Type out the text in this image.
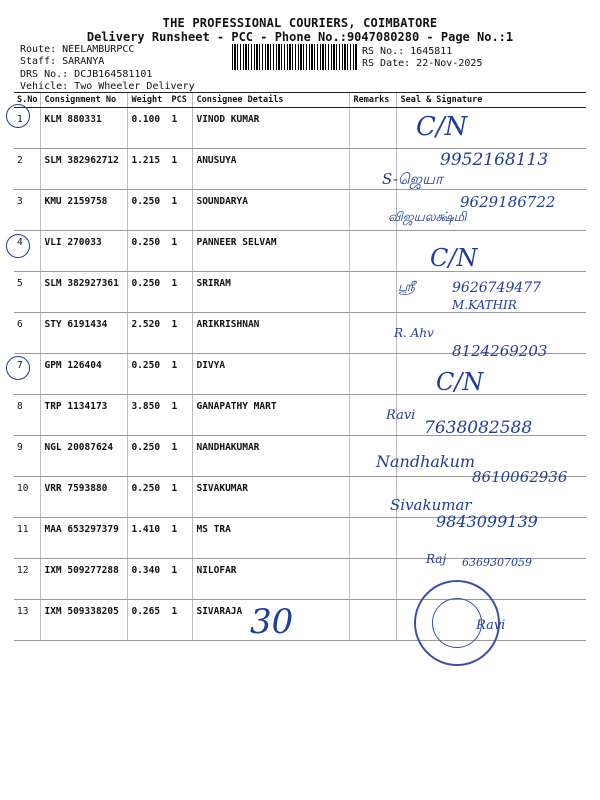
THE PROFESSIONAL COURIERS, COIMBATORE
Delivery Runsheet - PCC - Phone No.:9047080280 - Page No.:1
Route: NEELAMBURPCC
Staff: SARANYA
DRS No.: DCJB164581101
Vehicle: Two Wheeler Delivery
RS No.: 1645811
RS Date: 22-Nov-2025
S.No	Consignment No	Weight	PCS	Consignee Details	Remarks	Seal & Signature
1	KLM 880331	0.100	1	VINOD KUMAR		
2	SLM 382962712	1.215	1	ANUSUYA		
3	KMU 2159758	0.250	1	SOUNDARYA		
4	VLI 270033	0.250	1	PANNEER SELVAM		
5	SLM 382927361	0.250	1	SRIRAM		
6	STY 6191434	2.520	1	ARIKRISHNAN		
7	GPM 126404	0.250	1	DIVYA		
8	TRP 1134173	3.850	1	GANAPATHY MART		
9	NGL 20087624	0.250	1	NANDHAKUMAR		
10	VRR 7593880	0.250	1	SIVAKUMAR		
11	MAA 653297379	1.410	1	MS TRA		
12	IXM 509277288	0.340	1	NILOFAR		
13	IXM 509338205	0.265	1	SIVARAJA		
C/N
9952168113
S-ஜெயா
9629186722
விஜயலக்ஷ்மி
C/N
ஸ்ரீ	9626749477
M.KATHIR
R. Ahv
8124269203
C/N
Ravi
7638082588
Nandhakum
8610062936
Sivakumar
9843099139
Raj 6369307059
30	Ravi
